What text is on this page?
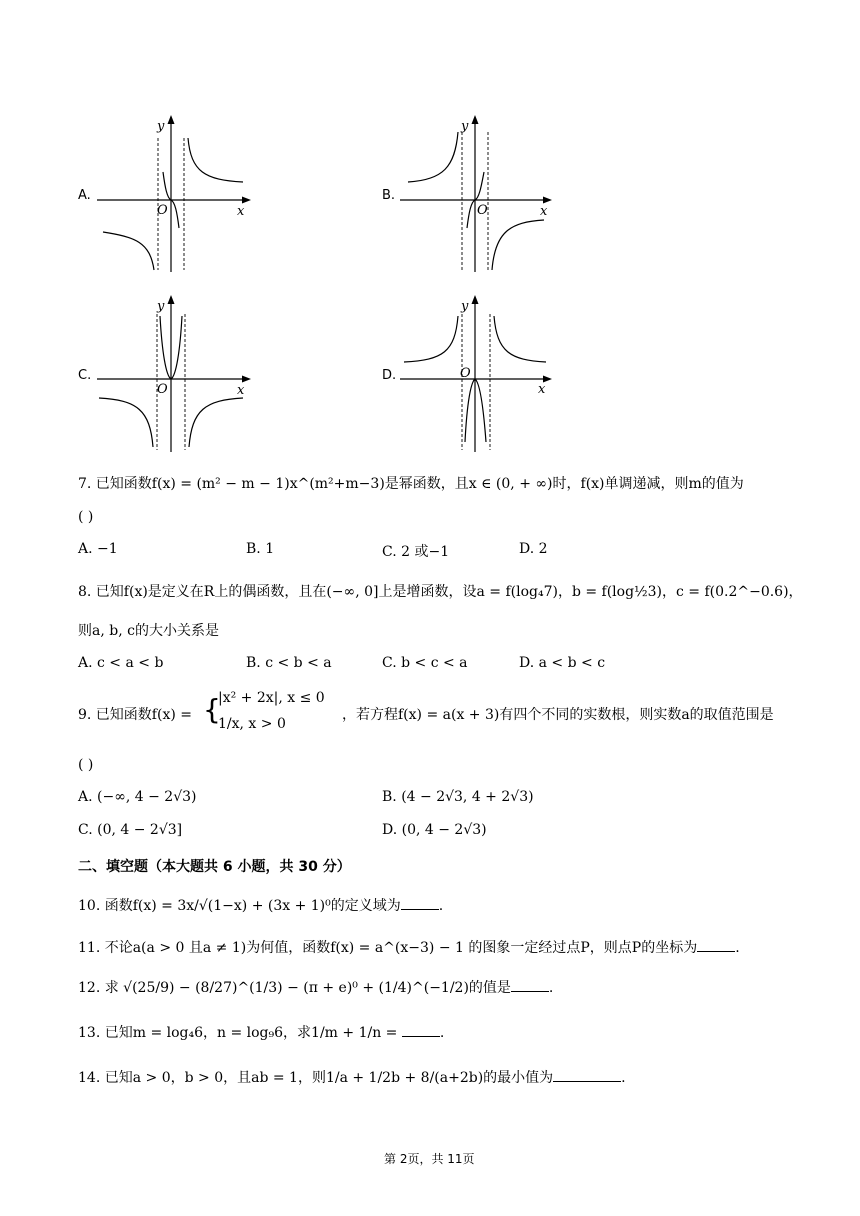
A.
y
x
O
B.
y
x
O
C.
y
x
O
D.
y
x
O
7. 已知函数f(x) = (m² − m − 1)x^(m²+m−3)是幂函数，且x ∈ (0, + ∞)时，f(x)单调递减，则m的值为
( )
A. −1	B. 1	C. 2 或−1	D. 2
8. 已知f(x)是定义在R上的偶函数，且在(−∞, 0]上是增函数，设a = f(log₄7)，b = f(log½3)，c = f(0.2^−0.6)，
则a, b, c的大小关系是
A. c < a < b	B. c < b < a	C. b < c < a	D. a < b < c
9. 已知函数f(x) = {
|x² + 2x|, x ≤ 0
1/x, x > 0
，若方程f(x) = a(x + 3)有四个不同的实数根，则实数a的取值范围是
( )
A. (−∞, 4 − 2√3)	B. (4 − 2√3, 4 + 2√3)
C. (0, 4 − 2√3]	D. (0, 4 − 2√3)
二、填空题（本大题共 6 小题，共 30 分）
10. 函数f(x) = 3x/√(1−x) + (3x + 1)⁰的定义域为	.
11. 不论a(a > 0 且a ≠ 1)为何值，函数f(x) = a^(x−3) − 1 的图象一定经过点P，则点P的坐标为	.
12. 求 √(25/9) − (8/27)^(1/3) − (π + e)⁰ + (1/4)^(−1/2)的值是	.
13. 已知m = log₄6，n = log₉6，求1/m + 1/n =	.
14. 已知a > 0，b > 0，且ab = 1，则1/a + 1/2b + 8/(a+2b)的最小值为	.
第 2页，共 11页
